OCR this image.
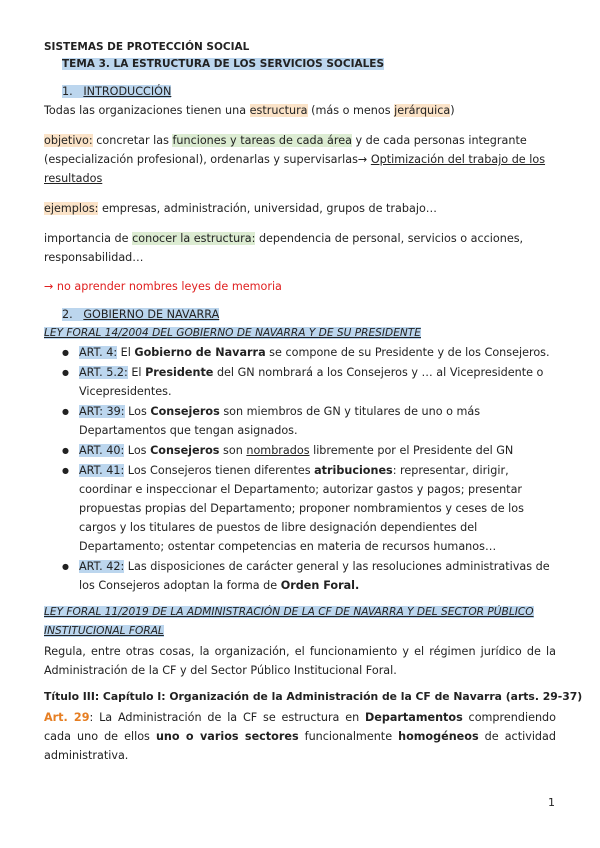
SISTEMAS DE PROTECCIÓN SOCIAL
TEMA 3. LA ESTRUCTURA DE LOS SERVICIOS SOCIALES
1. INTRODUCCIÓN
Todas las organizaciones tienen una estructura (más o menos jerárquica)
objetivo: concretar las funciones y tareas de cada área y de cada personas integrante
(especialización profesional), ordenarlas y supervisarlas→ Optimización del trabajo de los
resultados
ejemplos: empresas, administración, universidad, grupos de trabajo…
importancia de conocer la estructura: dependencia de personal, servicios o acciones,
responsabilidad…
→ no aprender nombres leyes de memoria
2. GOBIERNO DE NAVARRA
LEY FORAL 14/2004 DEL GOBIERNO DE NAVARRA Y DE SU PRESIDENTE
● ART. 4: El Gobierno de Navarra se compone de su Presidente y de los Consejeros.
● ART. 5.2: El Presidente del GN nombrará a los Consejeros y … al Vicepresidente o Vicepresidentes.
● ART: 39: Los Consejeros son miembros de GN y titulares de uno o más Departamentos que tengan asignados.
● ART. 40: Los Consejeros son nombrados libremente por el Presidente del GN
● ART. 41: Los Consejeros tienen diferentes atribuciones: representar, dirigir, coordinar e inspeccionar el Departamento; autorizar gastos y pagos; presentar propuestas propias del Departamento; proponer nombramientos y ceses de los cargos y los titulares de puestos de libre designación dependientes del Departamento; ostentar competencias en materia de recursos humanos…
● ART. 42: Las disposiciones de carácter general y las resoluciones administrativas de los Consejeros adoptan la forma de Orden Foral.
LEY FORAL 11/2019 DE LA ADMINISTRACIÓN DE LA CF DE NAVARRA Y DEL SECTOR PÚBLICO
INSTITUCIONAL FORAL
Regula, entre otras cosas, la organización, el funcionamiento y el régimen jurídico de la Administración de la CF y del Sector Público Institucional Foral.
Título III: Capítulo I: Organización de la Administración de la CF de Navarra (arts. 29-37)
Art. 29: La Administración de la CF se estructura en Departamentos comprendiendo cada uno de ellos uno o varios sectores funcionalmente homogéneos de actividad administrativa.
1
